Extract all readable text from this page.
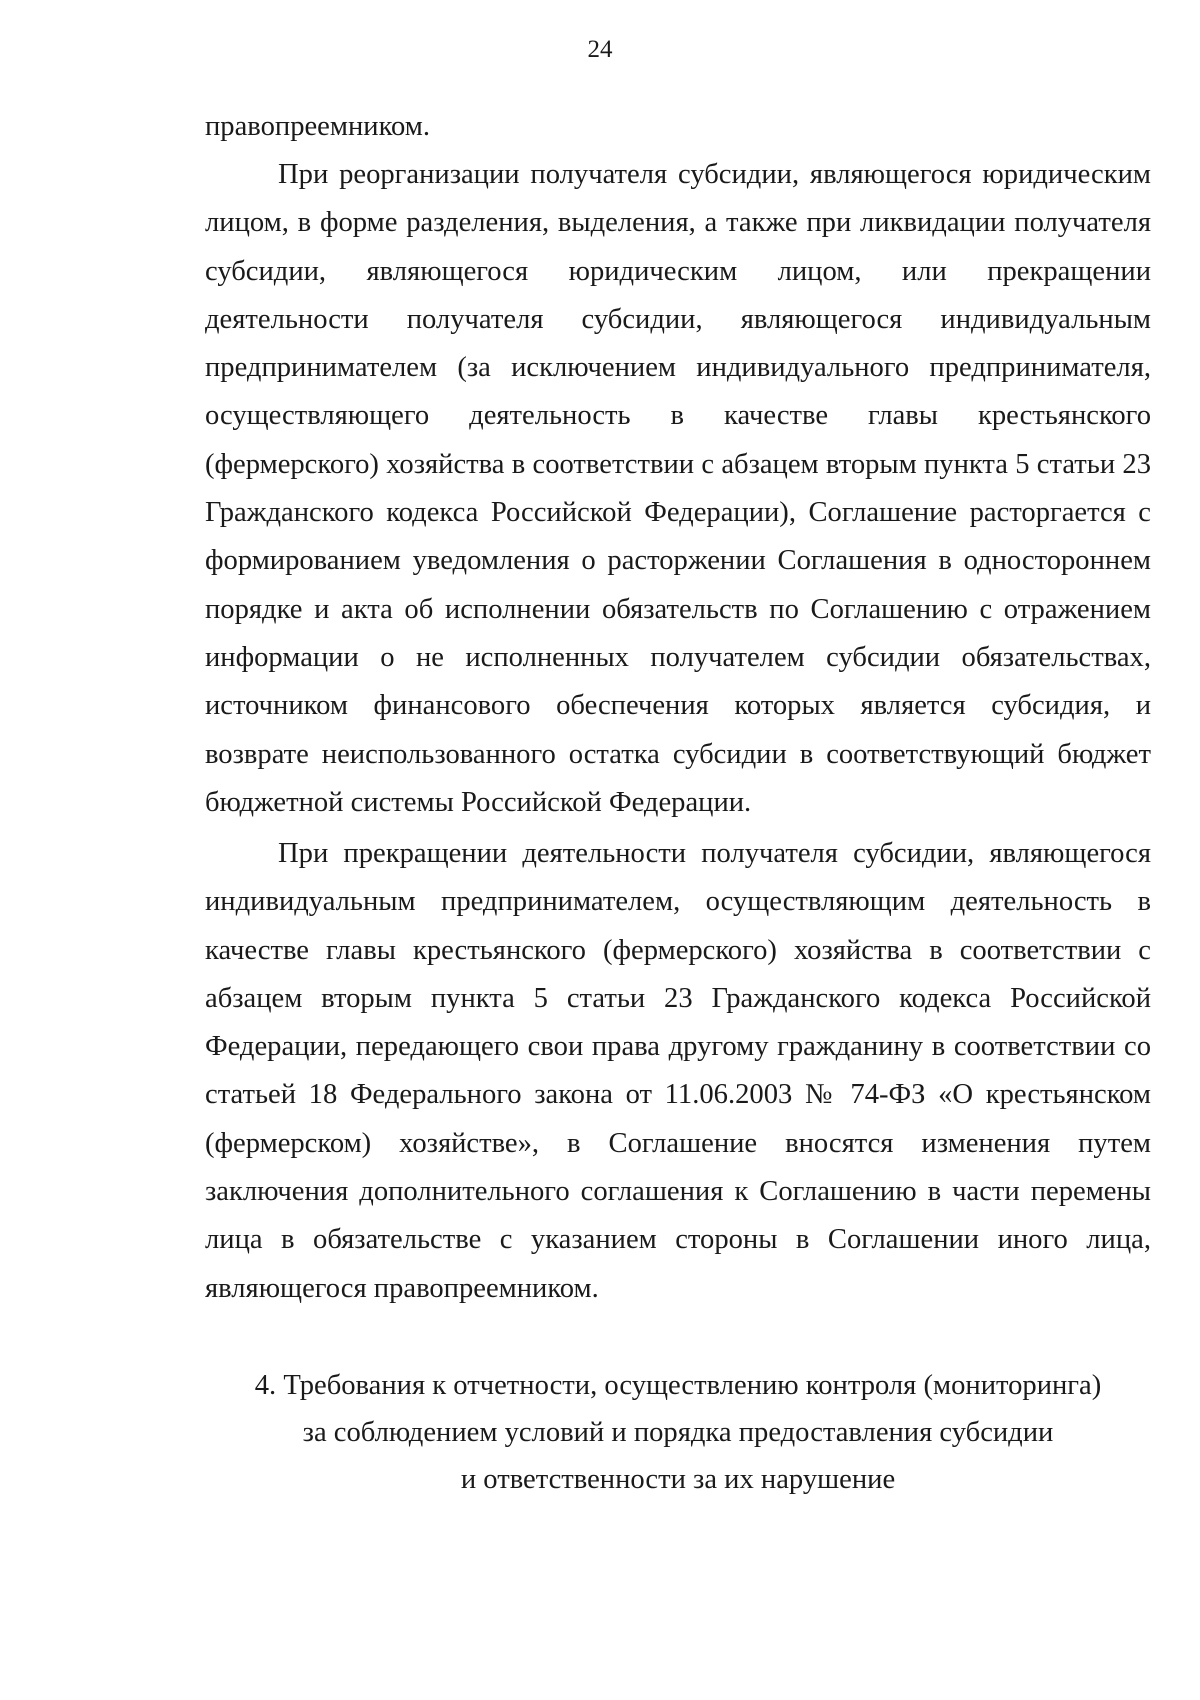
24

правопреемником.

При реорганизации получателя субсидии, являющегося юридическим лицом, в форме разделения, выделения, а также при ликвидации получателя субсидии, являющегося юридическим лицом, или прекращении деятельности получателя субсидии, являющегося индивидуальным предпринимателем (за исключением индивидуального предпринимателя, осуществляющего деятельность в качестве главы крестьянского (фермерского) хозяйства в соответствии с абзацем вторым пункта 5 статьи 23 Гражданского кодекса Российской Федерации), Соглашение расторгается с формированием уведомления о расторжении Соглашения в одностороннем порядке и акта об исполнении обязательств по Соглашению с отражением информации о не исполненных получателем субсидии обязательствах, источником финансового обеспечения которых является субсидия, и возврате неиспользованного остатка субсидии в соответствующий бюджет бюджетной системы Российской Федерации.

При прекращении деятельности получателя субсидии, являющегося индивидуальным предпринимателем, осуществляющим деятельность в качестве главы крестьянского (фермерского) хозяйства в соответствии с абзацем вторым пункта 5 статьи 23 Гражданского кодекса Российской Федерации, передающего свои права другому гражданину в соответствии со статьей 18 Федерального закона от 11.06.2003 № 74-ФЗ «О крестьянском (фермерском) хозяйстве», в Соглашение вносятся изменения путем заключения дополнительного соглашения к Соглашению в части перемены лица в обязательстве с указанием стороны в Соглашении иного лица, являющегося правопреемником.

4. Требования к отчетности, осуществлению контроля (мониторинга)
за соблюдением условий и порядка предоставления субсидии
и ответственности за их нарушение
